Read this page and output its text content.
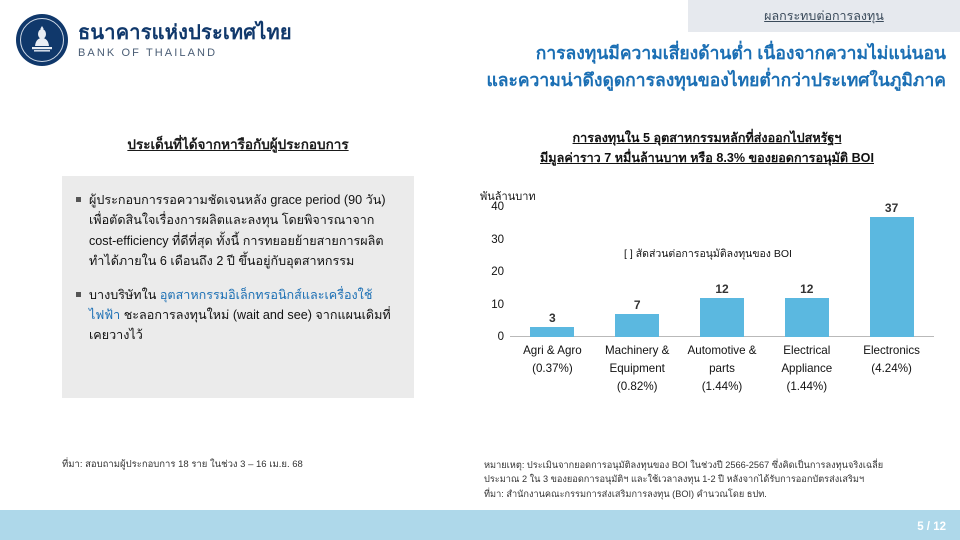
ผลกระทบต่อการลงทุน
ธนาคารแห่งประเทศไทย
BANK OF THAILAND	การลงทุนมีความเสี่ยงด้านต่ำ เนื่องจากความไม่แน่นอน
และความน่าดึงดูดการลงทุนของไทยต่ำกว่าประเทศในภูมิภาค
ประเด็นที่ได้จากหารือกับผู้ประกอบการ
ผู้ประกอบการรอความชัดเจนหลัง grace period (90 วัน) เพื่อตัดสินใจเรื่องการผลิตและลงทุน โดยพิจารณาจาก cost-efficiency ที่ดีที่สุด ทั้งนี้ การทยอยย้ายสายการผลิตทำได้ภายใน 6 เดือนถึง 2 ปี ขึ้นอยู่กับอุตสาหกรรม
บางบริษัทใน อุตสาหกรรมอิเล็กทรอนิกส์และเครื่องใช้ไฟฟ้า ชะลอการลงทุนใหม่ (wait and see) จากแผนเดิมที่เคยวางไว้
ที่มา: สอบถามผู้ประกอบการ 18 ราย ในช่วง 3 – 16 เม.ย. 68
การลงทุนใน 5 อุตสาหกรรมหลักที่ส่งออกไปสหรัฐฯ
มีมูลค่าราว 7 หมื่นล้านบาท หรือ 8.3% ของยอดการอนุมัติ BOI
พันล้านบาท
0
10
20
30
40
3
7
12	12
37
Agri & Agro
(0.37%)
Machinery & Equipment
(0.82%)
Automotive & parts
(1.44%)
Electrical Appliance
(1.44%)
Electronics
(4.24%)
[ ] สัดส่วนต่อการอนุมัติลงทุนของ BOI
หมายเหตุ: ประเมินจากยอดการอนุมัติลงทุนของ BOI ในช่วงปี 2566-2567 ซึ่งคิดเป็นการลงทุนจริงเฉลี่ย
ประมาณ 2 ใน 3 ของยอดการอนุมัติฯ และใช้เวลาลงทุน 1-2 ปี หลังจากได้รับการออกบัตรส่งเสริมฯ
ที่มา: สำนักงานคณะกรรมการส่งเสริมการลงทุน (BOI) คำนวณโดย ธปท.
5 / 12
